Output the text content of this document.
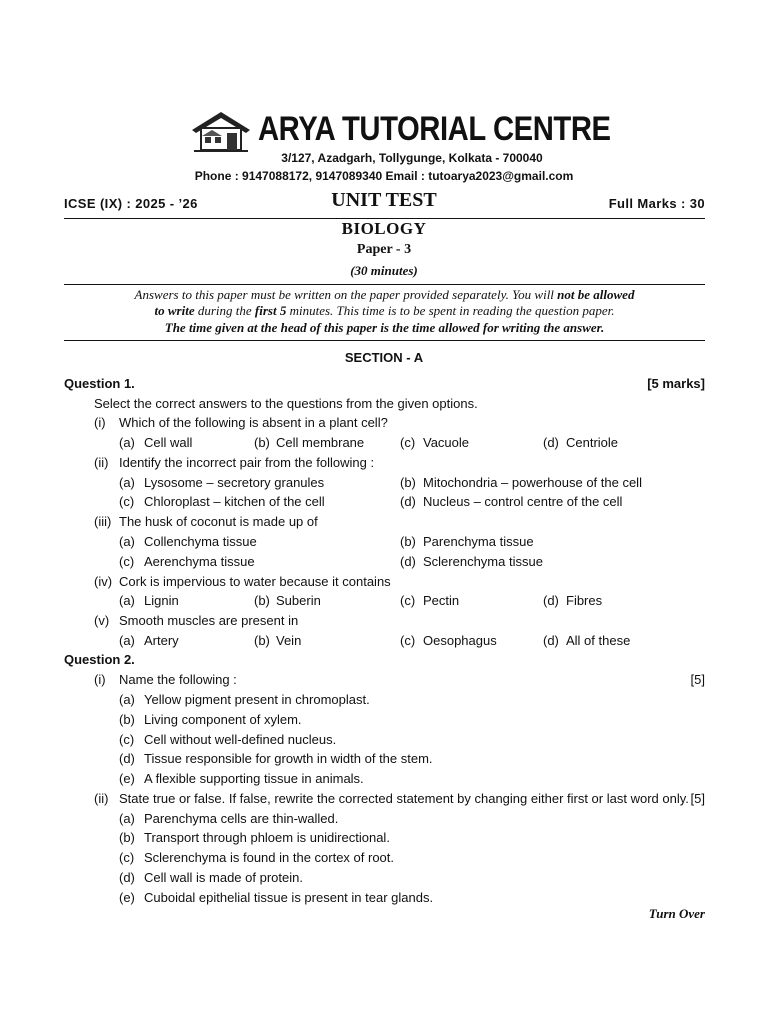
ARYA TUTORIAL CENTRE
3/127, Azadgarh, Tollygunge, Kolkata - 700040
Phone : 9147088172, 9147089340 Email : tutoarya2023@gmail.com
ICSE (IX) : 2025 - ’26	UNIT TEST	Full Marks : 30
BIOLOGY
Paper - 3
(30 minutes)
Answers to this paper must be written on the paper provided separately. You will not be allowed
to write during the first 5 minutes. This time is to be spent in reading the question paper.
The time given at the head of this paper is the time allowed for writing the answer.
SECTION - A
Question 1.	[5 marks]
Select the correct answers to the questions from the given options.
(i) Which of the following is absent in a plant cell?
(a) Cell wall	(b) Cell membrane	(c) Vacuole	(d) Centriole
(ii) Identify the incorrect pair from the following :
(a) Lysosome – secretory granules	(b) Mitochondria – powerhouse of the cell
(c) Chloroplast – kitchen of the cell	(d) Nucleus – control centre of the cell
(iii) The husk of coconut is made up of
(a) Collenchyma tissue	(b) Parenchyma tissue
(c) Aerenchyma tissue	(d) Sclerenchyma tissue
(iv) Cork is impervious to water because it contains
(a) Lignin	(b) Suberin	(c) Pectin	(d) Fibres
(v) Smooth muscles are present in
(a) Artery	(b) Vein	(c) Oesophagus	(d) All of these
Question 2.
(i) Name the following :	[5]
(a) Yellow pigment present in chromoplast.
(b) Living component of xylem.
(c) Cell without well-defined nucleus.
(d) Tissue responsible for growth in width of the stem.
(e) A flexible supporting tissue in animals.
(ii) State true or false. If false, rewrite the corrected statement by changing either first or last word only. [5]
(a) Parenchyma cells are thin-walled.
(b) Transport through phloem is unidirectional.
(c) Sclerenchyma is found in the cortex of root.
(d) Cell wall is made of protein.
(e) Cuboidal epithelial tissue is present in tear glands.
Turn Over
